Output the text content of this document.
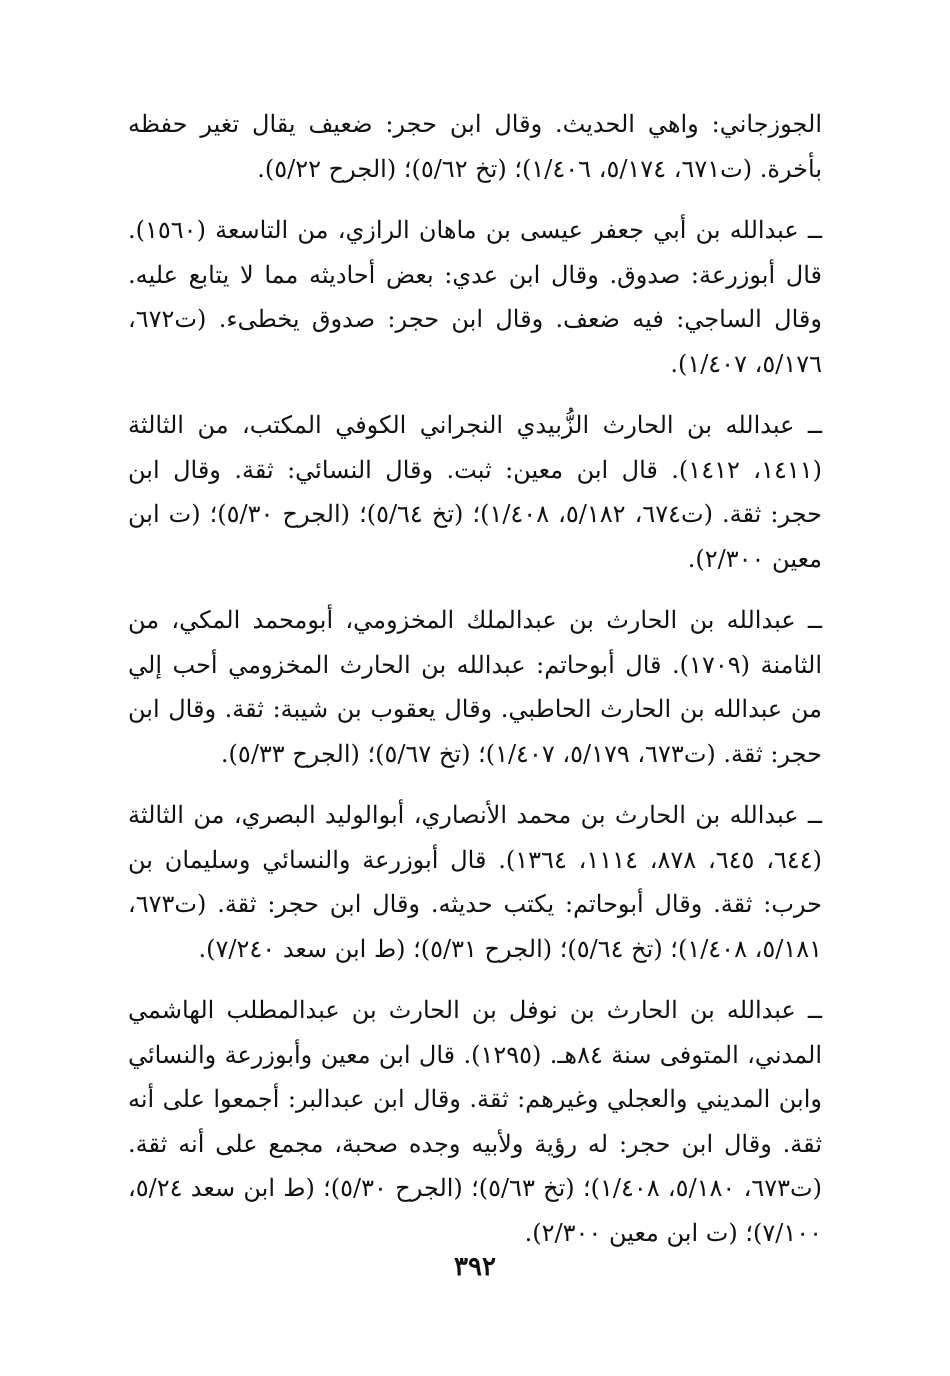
الجوزجاني: واهي الحديث. وقال ابن حجر: ضعيف يقال تغير حفظه بأخرة. (ت٦٧١، ٥/١٧٤، ١/٤٠٦)؛ (تخ ٥/٦٢)؛ (الجرح ٥/٢٢).

ــ عبدالله بن أبي جعفر عيسى بن ماهان الرازي، من التاسعة (١٥٦٠). قال أبوزرعة: صدوق. وقال ابن عدي: بعض أحاديثه مما لا يتابع عليه. وقال الساجي: فيه ضعف. وقال ابن حجر: صدوق يخطىء. (ت٦٧٢، ٥/١٧٦، ١/٤٠٧).

ــ عبدالله بن الحارث الزُّبيدي النجراني الكوفي المكتب، من الثالثة (١٤١١، ١٤١٢). قال ابن معين: ثبت. وقال النسائي: ثقة. وقال ابن حجر: ثقة. (ت٦٧٤، ٥/١٨٢، ١/٤٠٨)؛ (تخ ٥/٦٤)؛ (الجرح ٥/٣٠)؛ (ت ابن معين ٢/٣٠٠).

ــ عبدالله بن الحارث بن عبدالملك المخزومي، أبومحمد المكي، من الثامنة (١٧٠٩). قال أبوحاتم: عبدالله بن الحارث المخزومي أحب إلي من عبدالله بن الحارث الحاطبي. وقال يعقوب بن شيبة: ثقة. وقال ابن حجر: ثقة. (ت٦٧٣، ٥/١٧٩، ١/٤٠٧)؛ (تخ ٥/٦٧)؛ (الجرح ٥/٣٣).

ــ عبدالله بن الحارث بن محمد الأنصاري، أبوالوليد البصري، من الثالثة (٦٤٤، ٦٤٥، ٨٧٨، ١١١٤، ١٣٦٤). قال أبوزرعة والنسائي وسليمان بن حرب: ثقة. وقال أبوحاتم: يكتب حديثه. وقال ابن حجر: ثقة. (ت٦٧٣، ٥/١٨١، ١/٤٠٨)؛ (تخ ٥/٦٤)؛ (الجرح ٥/٣١)؛ (ط ابن سعد ٧/٢٤٠).

ــ عبدالله بن الحارث بن نوفل بن الحارث بن عبدالمطلب الهاشمي المدني، المتوفى سنة ٨٤هـ. (١٢٩٥). قال ابن معين وأبوزرعة والنسائي وابن المديني والعجلي وغيرهم: ثقة. وقال ابن عبدالبر: أجمعوا على أنه ثقة. وقال ابن حجر: له رؤية ولأبيه وجده صحبة، مجمع على أنه ثقة. (ت٦٧٣، ٥/١٨٠، ١/٤٠٨)؛ (تخ ٥/٦٣)؛ (الجرح ٥/٣٠)؛ (ط ابن سعد ٥/٢٤، ٧/١٠٠)؛ (ت ابن معين ٢/٣٠٠).

٣٩٢
